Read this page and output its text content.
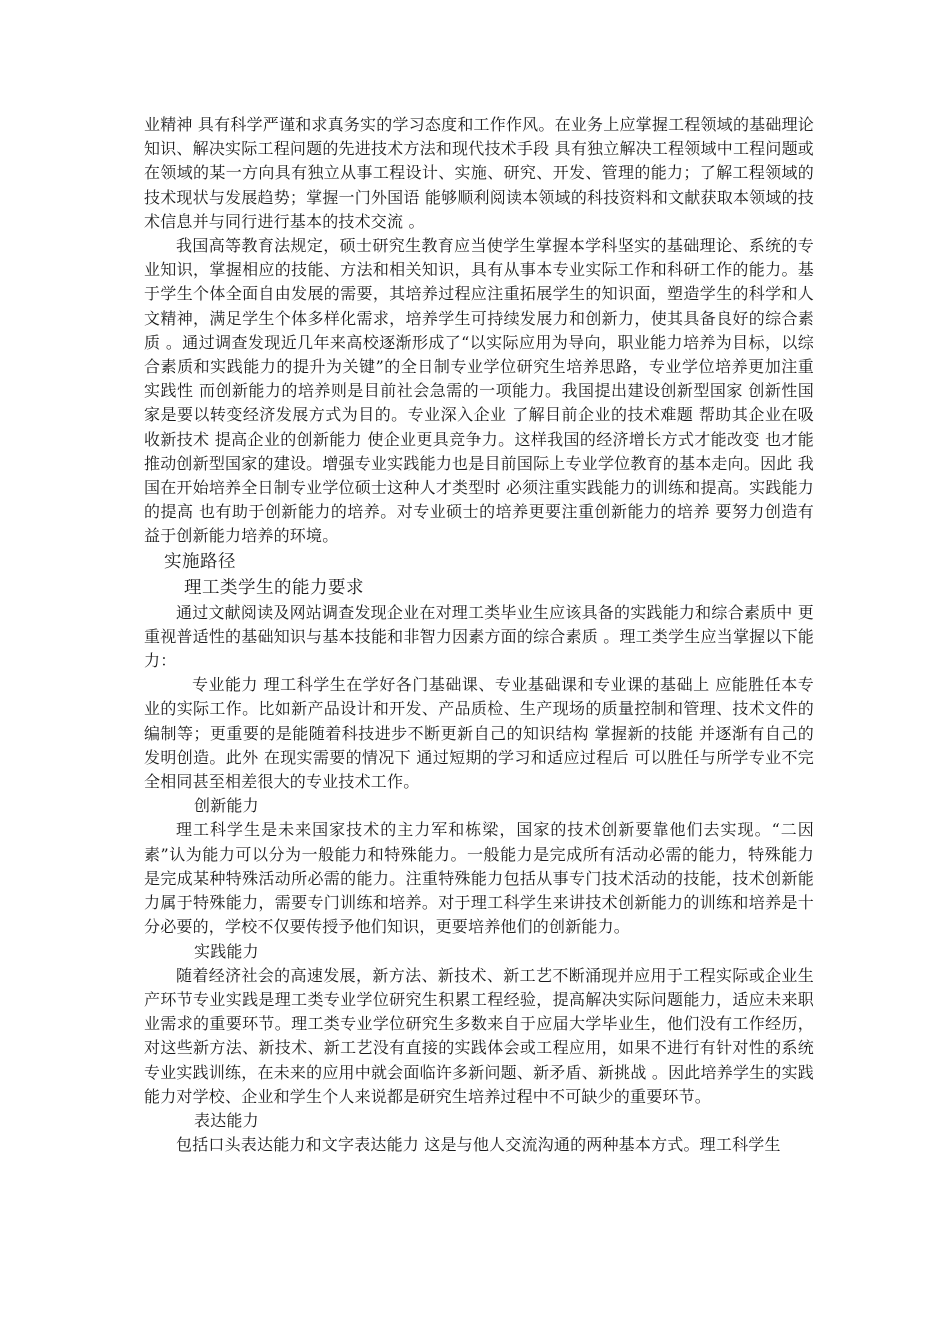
业精神 具有科学严谨和求真务实的学习态度和工作作风。在业务上应掌握工程领域的基础理论知识、解决实际工程问题的先进技术方法和现代技术手段 具有独立解决工程领域中工程问题或在领域的某一方向具有独立从事工程设计、实施、研究、开发、管理的能力；了解工程领域的技术现状与发展趋势；掌握一门外国语 能够顺利阅读本领域的科技资料和文献获取本领域的技术信息并与同行进行基本的技术交流 。

我国高等教育法规定，硕士研究生教育应当使学生掌握本学科坚实的基础理论、系统的专业知识，掌握相应的技能、方法和相关知识，具有从事本专业实际工作和科研工作的能力。基于学生个体全面自由发展的需要，其培养过程应注重拓展学生的知识面，塑造学生的科学和人文精神，满足学生个体多样化需求，培养学生可持续发展力和创新力，使其具备良好的综合素质 。通过调查发现近几年来高校逐渐形成了“以实际应用为导向，职业能力培养为目标，以综合素质和实践能力的提升为关键”的全日制专业学位研究生培养思路，专业学位培养更加注重实践性 而创新能力的培养则是目前社会急需的一项能力。我国提出建设创新型国家 创新性国家是要以转变经济发展方式为目的。专业深入企业 了解目前企业的技术难题 帮助其企业在吸收新技术 提高企业的创新能力 使企业更具竞争力。这样我国的经济增长方式才能改变 也才能推动创新型国家的建设。增强专业实践能力也是目前国际上专业学位教育的基本走向。因此 我国在开始培养全日制专业学位硕士这种人才类型时 必须注重实践能力的训练和提高。实践能力的提高 也有助于创新能力的培养。对专业硕士的培养更要注重创新能力的培养 要努力创造有益于创新能力培养的环境。

实施路径

理工类学生的能力要求

通过文献阅读及网站调查发现企业在对理工类毕业生应该具备的实践能力和综合素质中 更重视普适性的基础知识与基本技能和非智力因素方面的综合素质 。理工类学生应当掌握以下能力：

专业能力 理工科学生在学好各门基础课、专业基础课和专业课的基础上 应能胜任本专业的实际工作。比如新产品设计和开发、产品质检、生产现场的质量控制和管理、技术文件的编制等；更重要的是能随着科技进步不断更新自己的知识结构 掌握新的技能 并逐渐有自己的发明创造。此外 在现实需要的情况下 通过短期的学习和适应过程后 可以胜任与所学专业不完全相同甚至相差很大的专业技术工作。

创新能力

理工科学生是未来国家技术的主力军和栋梁，国家的技术创新要靠他们去实现。“二因素”认为能力可以分为一般能力和特殊能力。一般能力是完成所有活动必需的能力，特殊能力是完成某种特殊活动所必需的能力。注重特殊能力包括从事专门技术活动的技能，技术创新能力属于特殊能力，需要专门训练和培养。对于理工科学生来讲技术创新能力的训练和培养是十分必要的，学校不仅要传授予他们知识，更要培养他们的创新能力。

实践能力

随着经济社会的高速发展，新方法、新技术、新工艺不断涌现并应用于工程实际或企业生产环节专业实践是理工类专业学位研究生积累工程经验，提高解决实际问题能力，适应未来职业需求的重要环节。理工类专业学位研究生多数来自于应届大学毕业生，他们没有工作经历，对这些新方法、新技术、新工艺没有直接的实践体会或工程应用，如果不进行有针对性的系统专业实践训练，在未来的应用中就会面临许多新问题、新矛盾、新挑战 。因此培养学生的实践能力对学校、企业和学生个人来说都是研究生培养过程中不可缺少的重要环节。

表达能力

包括口头表达能力和文字表达能力 这是与他人交流沟通的两种基本方式。理工科学生
